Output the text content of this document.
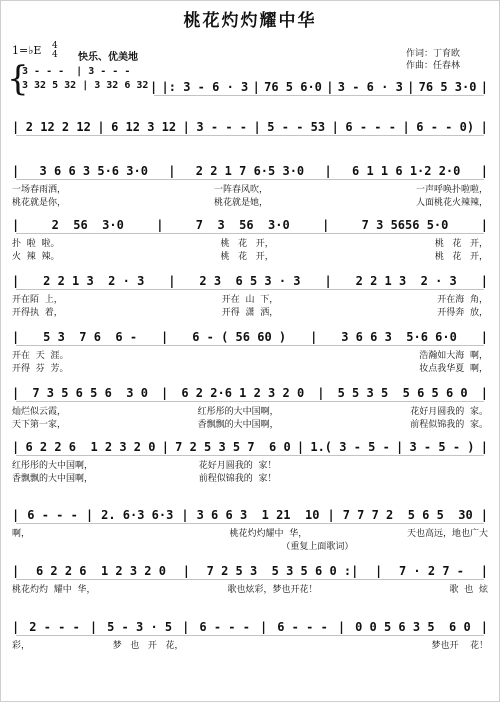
桃花灼灼耀中华
1=♭E 4
4 快乐、优美地	作词：丁育欧
作曲：任春林
{
3 - - -  | 3 - - -
3 32 5 32 | 3 32 6 32 | |: 3 - 6 · 3 | 76 5 6·0 | 3 - 6 · 3 | 76 5 3·0 |
| 2 12 2 12 | 6 12 3 12 | 3 - - - | 5 - - 53 | 6 - - - | 6 - - 0) |
| 3 6 6 3 5·6 3·0 | 2 2 1 7 6·5 3·0 | 6 1 1 6 1·2 2·0 |
一场春雨洒，	一阵春风吹，	一声呼唤扑啦啦，
桃花就是你，	桃花就是她，	人面桃花火辣辣，
|	2  56  3·0	|	7  3  56  3·0	|	7 3 5656 5·0	|
扑  啦  啦。	桃   花   开，	桃   花   开，
火  辣  辣。	桃   花   开，	桃   花   开，
| 2 2 1 3  2 · 3 | 2 3  6 5 3 · 3 | 2 2 1 3  2 · 3 |
开在陌  上，	开在  山  下，	开在海  角，
开得执  着，	开得  潇  洒，	开得奔  放，
| 5 3  7 6  6 - | 6 - ( 56 60 ) | 3 6 6 3  5·6 6·0 |
开在  天  涯。	浩瀚如大海  啊，
开得  芬  芳。	妆点我华夏  啊，
| 7 3 5 6 5 6  3 0 | 6 2 2·6 1 2 3 2 0 | 5 5 3 5  5 6 5 6 0 |
灿烂似云霞，	红彤彤的大中国啊，	花好月圆我的  家。
天下第一家，	香飘飘的大中国啊，	前程似锦我的  家。
| 6 2 2 6  1 2 3 2 0 | 7 2 5 3 5 7  6 0 | 1.( 3 - 5 - | 3 - 5 - ) |
红彤彤的大中国啊，	花好月圆我的  家！
香飘飘的大中国啊，	前程似锦我的  家！
| 6 - - - | 2. 6·3 6·3 | 3 6 6 3  1 21  10 | 7 7 7 2  5 6 5  30 |
啊，	桃花灼灼耀中  华，	天也高远，地也广大
（重复上面歌词）
| 6 2 2 6  1 2 3 2 0 | 7 2 5 3  5 3 5 6 0 :| | 7 · 2 7 - |
桃花灼灼  耀中  华，	歌也炫彩，梦也开花！	歌  也  炫
| 2 - - - | 5 - 3 · 5 | 6 - - - | 6 - - - | 0 0 5 6 3 5  6 0 |
彩，	梦   也   开   花，	梦也开    花！
